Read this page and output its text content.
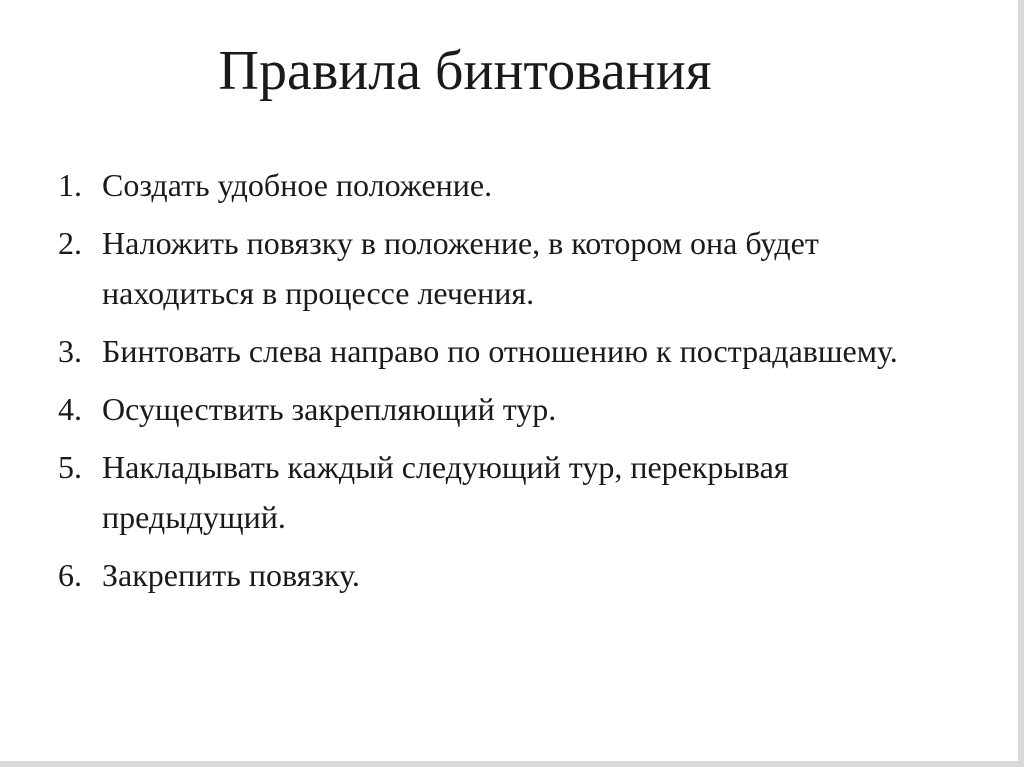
Правила бинтования
1. Создать удобное положение.
2. Наложить повязку в положение, в котором она будет находиться в процессе лечения.
3. Бинтовать слева направо по отношению к пострадавшему.
4. Осуществить закрепляющий тур.
5. Накладывать каждый следующий тур, перекрывая предыдущий.
6. Закрепить повязку.
